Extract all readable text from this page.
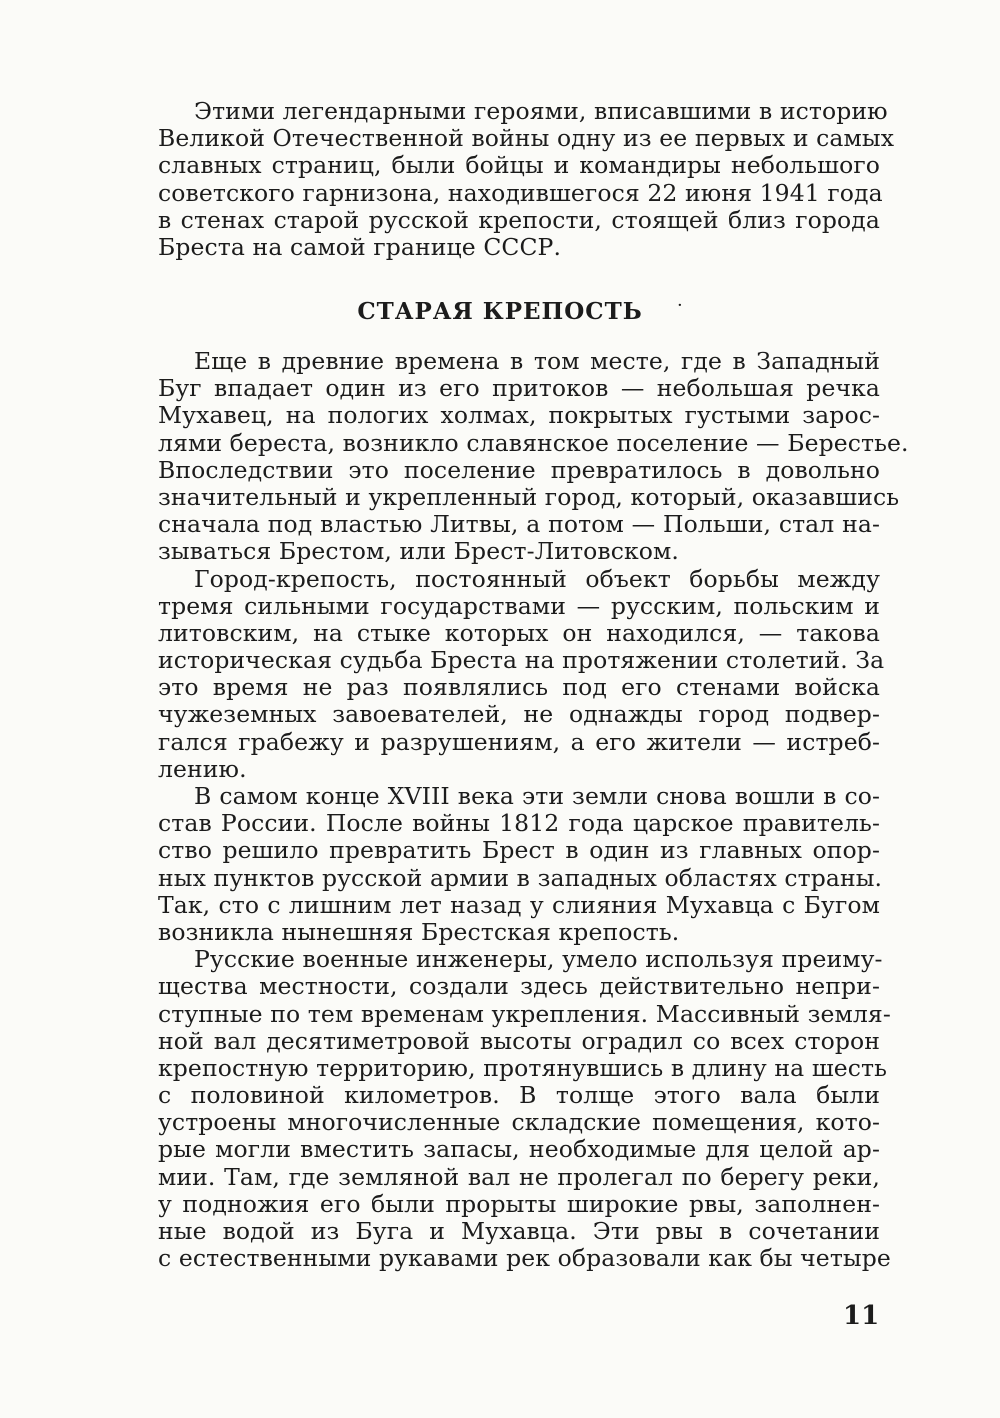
Этими легендарными героями, вписавшими в историю
Великой Отечественной войны одну из ее первых и самых
славных страниц, были бойцы и командиры небольшого
советского гарнизона, находившегося 22 июня 1941 года
в стенах старой русской крепости, стоящей близ города
Бреста на самой границе СССР.
СТАРАЯ КРЕПОСТЬ	·
Еще в древние времена в том месте, где в Западный
Буг впадает один из его притоков — небольшая речка
Мухавец, на пологих холмах, покрытых густыми зарос-
лями береста, возникло славянское поселение — Берестье.
Впоследствии это поселение превратилось в довольно
значительный и укрепленный город, который, оказавшись
сначала под властью Литвы, а потом — Польши, стал на-
зываться Брестом, или Брест-Литовском.
Город-крепость, постоянный объект борьбы между
тремя сильными государствами — русским, польским и
литовским, на стыке которых он находился, — такова
историческая судьба Бреста на протяжении столетий. За
это время не раз появлялись под его стенами войска
чужеземных завоевателей, не однажды город подвер-
гался грабежу и разрушениям, а его жители — истреб-
лению.
В самом конце XVIII века эти земли снова вошли в со-
став России. После войны 1812 года царское правитель-
ство решило превратить Брест в один из главных опор-
ных пунктов русской армии в западных областях страны.
Так, сто с лишним лет назад у слияния Мухавца с Бугом
возникла нынешняя Брестская крепость.
Русские военные инженеры, умело используя преиму-
щества местности, создали здесь действительно непри-
ступные по тем временам укрепления. Массивный земля-
ной вал десятиметровой высоты оградил со всех сторон
крепостную территорию, протянувшись в длину на шесть
с половиной километров. В толще этого вала были
устроены многочисленные складские помещения, кото-
рые могли вместить запасы, необходимые для целой ар-
мии. Там, где земляной вал не пролегал по берегу реки,
у подножия его были прорыты широкие рвы, заполнен-
ные водой из Буга и Мухавца. Эти рвы в сочетании
с естественными рукавами рек образовали как бы четыре
11
